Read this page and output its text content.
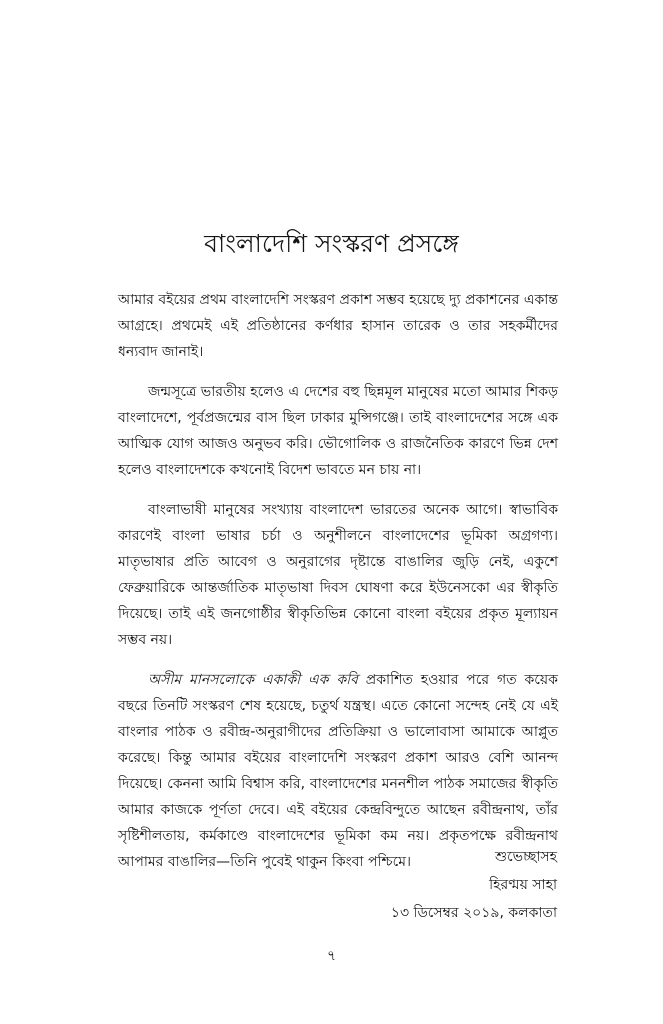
বাংলাদেশি সংস্করণ প্রসঙ্গে

আমার বইয়ের প্রথম বাংলাদেশি সংস্করণ প্রকাশ সম্ভব হয়েছে দ্যু প্রকাশনের একান্ত আগ্রহে। প্রথমেই এই প্রতিষ্ঠানের কর্ণধার হাসান তারেক ও তার সহকর্মীদের ধন্যবাদ জানাই।

জন্মসূত্রে ভারতীয় হলেও এ দেশের বহু ছিন্নমূল মানুষের মতো আমার শিকড় বাংলাদেশে, পূর্বপ্রজন্মের বাস ছিল ঢাকার মুন্সিগঞ্জে। তাই বাংলাদেশের সঙ্গে এক আত্মিক যোগ আজও অনুভব করি। ভৌগোলিক ও রাজনৈতিক কারণে ভিন্ন দেশ হলেও বাংলাদেশকে কখনোই বিদেশ ভাবতে মন চায় না।

বাংলাভাষী মানুষের সংখ্যায় বাংলাদেশ ভারতের অনেক আগে। স্বাভাবিক কারণেই বাংলা ভাষার চর্চা ও অনুশীলনে বাংলাদেশের ভূমিকা অগ্রগণ্য। মাতৃভাষার প্রতি আবেগ ও অনুরাগের দৃষ্টান্তে বাঙালির জুড়ি নেই, একুশে ফেব্রুয়ারিকে আন্তর্জাতিক মাতৃভাষা দিবস ঘোষণা করে ইউনেসকো এর স্বীকৃতি দিয়েছে। তাই এই জনগোষ্ঠীর স্বীকৃতিভিন্ন কোনো বাংলা বইয়ের প্রকৃত মূল্যায়ন সম্ভব নয়।

অসীম মানসলোকে একাকী এক কবি প্রকাশিত হওয়ার পরে গত কয়েক বছরে তিনটি সংস্করণ শেষ হয়েছে, চতুর্থ যন্ত্রস্থ। এতে কোনো সন্দেহ নেই যে এই বাংলার পাঠক ও রবীন্দ্র-অনুরাগীদের প্রতিক্রিয়া ও ভালোবাসা আমাকে আপ্লুত করেছে। কিন্তু আমার বইয়ের বাংলাদেশি সংস্করণ প্রকাশ আরও বেশি আনন্দ দিয়েছে। কেননা আমি বিশ্বাস করি, বাংলাদেশের মননশীল পাঠক সমাজের স্বীকৃতি আমার কাজকে পূর্ণতা দেবে। এই বইয়ের কেন্দ্রবিন্দুতে আছেন রবীন্দ্রনাথ, তাঁর সৃষ্টিশীলতায়, কর্মকাণ্ডে বাংলাদেশের ভূমিকা কম নয়। প্রকৃতপক্ষে রবীন্দ্রনাথ আপামর বাঙালির—তিনি পুবেই থাকুন কিংবা পশ্চিমে।	শুভেচ্ছাসহ
হিরণ্ময় সাহা
১৩ ডিসেম্বর ২০১৯, কলকাতা
৭
